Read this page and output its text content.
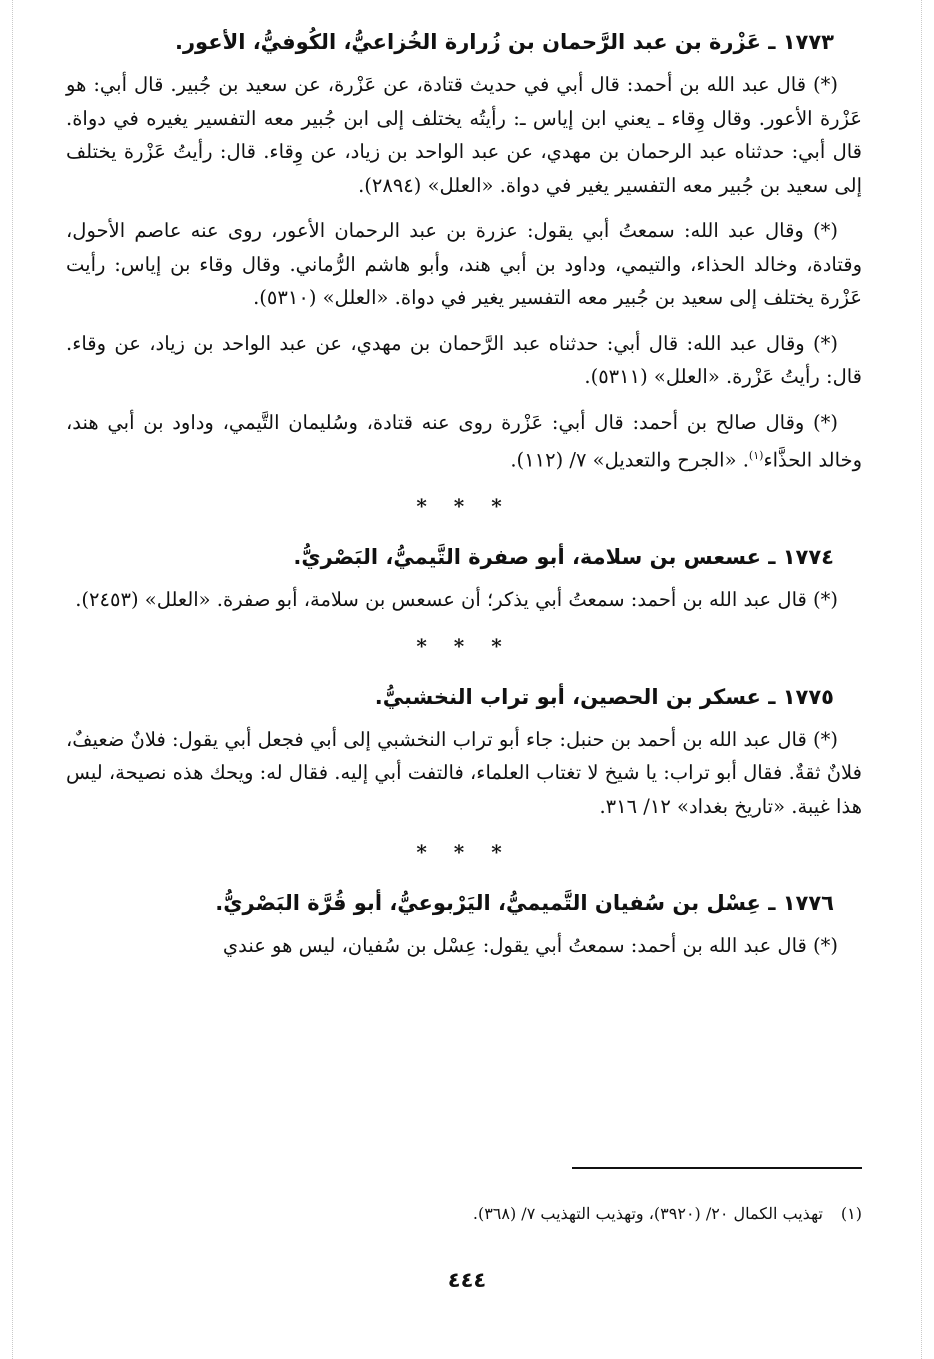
١٧٧٣ ـ عَزْرة بن عبد الرَّحمان بن زُرارة الخُزاعيُّ، الكُوفيُّ، الأعور.

(*) قال عبد الله بن أحمد: قال أبي في حديث قتادة، عن عَزْرة، عن سعيد بن جُبير. قال أبي: هو عَزْرة الأعور. وقال وِقاء ـ يعني ابن إياس ـ: رأيتُه يختلف إلى ابن جُبير معه التفسير يغيره في دواة. قال أبي: حدثناه عبد الرحمان بن مهدي، عن عبد الواحد بن زياد، عن وِقاء. قال: رأيتُ عَزْرة يختلف إلى سعيد بن جُبير معه التفسير يغير في دواة. «العلل» (٢٨٩٤).

(*) وقال عبد الله: سمعتُ أبي يقول: عزرة بن عبد الرحمان الأعور، روى عنه عاصم الأحول، وقتادة، وخالد الحذاء، والتيمي، وداود بن أبي هند، وأبو هاشم الرُّماني. وقال وقاء بن إياس: رأيت عَزْرة يختلف إلى سعيد بن جُبير معه التفسير يغير في دواة. «العلل» (٥٣١٠).

(*) وقال عبد الله: قال أبي: حدثناه عبد الرَّحمان بن مهدي، عن عبد الواحد بن زياد، عن وقاء. قال: رأيتُ عَزْرة. «العلل» (٥٣١١).

(*) وقال صالح بن أحمد: قال أبي: عَزْرة روى عنه قتادة، وسُليمان التَّيمي، وداود بن أبي هند، وخالد الحذَّاء$^{(١)}$. «الجرح والتعديل» ٧/ (١١٢).

* * *
١٧٧٤ ـ عسعس بن سلامة، أبو صفرة التَّيميُّ، البَصْريُّ.

(*) قال عبد الله بن أحمد: سمعتُ أبي يذكر؛ أن عسعس بن سلامة، أبو صفرة. «العلل» (٢٤٥٣).

* * *
١٧٧٥ ـ عسكر بن الحصين، أبو تراب النخشبيُّ.

(*) قال عبد الله بن أحمد بن حنبل: جاء أبو تراب النخشبي إلى أبي فجعل أبي يقول: فلانٌ ضعيفٌ، فلانٌ ثقةٌ. فقال أبو تراب: يا شيخ لا تغتاب العلماء، فالتفت أبي إليه. فقال له: ويحك هذه نصيحة، ليس هذا غيبة. «تاريخ بغداد» ١٢/ ٣١٦.

* * *
١٧٧٦ ـ عِسْل بن سُفيان التَّميميُّ، اليَرْبوعيُّ، أبو قُرَّة البَصْريُّ.

(*) قال عبد الله بن أحمد: سمعتُ أبي يقول: عِسْل بن سُفيان، ليس هو عندي

(١)تهذيب الكمال ٢٠/ (٣٩٢٠)، وتهذيب التهذيب ٧/ (٣٦٨).
٤٤٤
